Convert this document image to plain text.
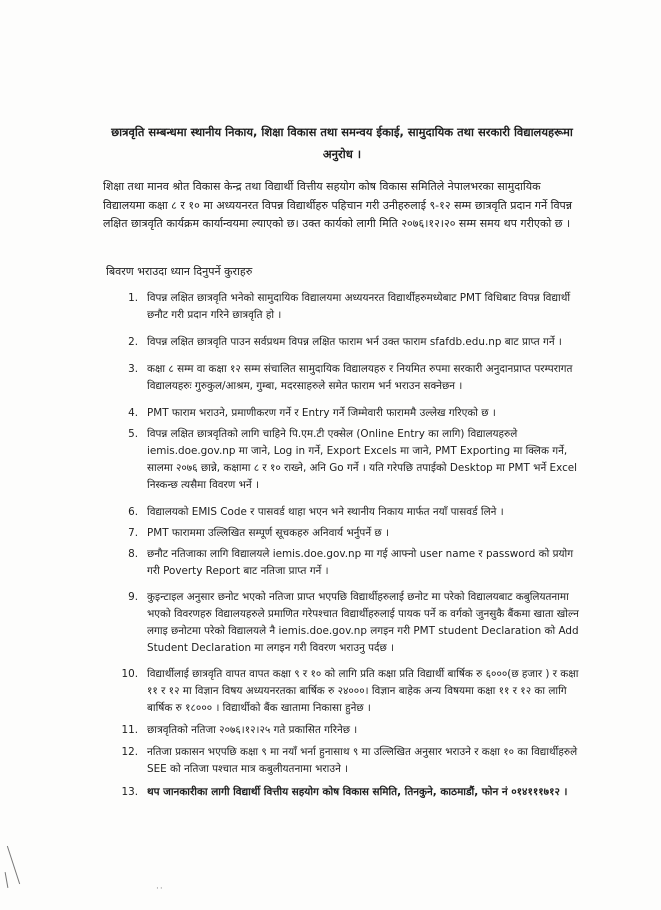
छात्रवृति सम्बन्धमा स्थानीय निकाय, शिक्षा विकास तथा समन्वय ईकाई, सामुदायिक तथा सरकारी विद्यालयहरूमा अनुरोध ।
शिक्षा तथा मानव श्रोत विकास केन्द्र तथा विद्यार्थी वित्तीय सहयोग कोष विकास समितिले नेपालभरका सामुदायिक विद्यालयमा कक्षा ८ र १० मा अध्ययनरत विपन्न विद्यार्थीहरु पहिचान गरी उनीहरुलाई ९-१२ सम्म छात्रवृति प्रदान गर्ने विपन्न लक्षित छात्रवृति कार्यक्रम कार्यान्वयमा ल्याएको छ। उक्त कार्यको लागी मिति २०७६।१२।२० सम्म समय थप गरीएको छ ।
बिवरण भराउदा ध्यान दिनुपर्ने कुराहरु
1. विपन्न लक्षित छात्रवृति भनेको सामुदायिक विद्यालयमा अध्ययनरत विद्यार्थीहरुमध्येबाट PMT विधिबाट विपन्न विद्यार्थी छनौट गरी प्रदान गरिने छात्रवृति हो ।
2. विपन्न लक्षित छात्रवृति पाउन सर्वप्रथम विपन्न लक्षित फाराम भर्न उक्त फाराम sfafdb.edu.np बाट प्राप्त गर्ने ।
3. कक्षा ८ सम्म वा कक्षा १२ सम्म संचालित सामुदायिक विद्यालयहरु र नियमित रुपमा सरकारी अनुदानप्राप्त परम्परागत विद्यालयहरुः गुरुकुल/आश्रम, गुम्बा, मदरसाहरुले समेत फाराम भर्न भराउन सक्नेछन ।
4. PMT फाराम भराउने, प्रमाणीकरण गर्ने र Entry गर्ने जिम्मेवारी फाराममै उल्लेख गरिएको छ ।
5. विपन्न लक्षित छात्रवृतिको लागि चाहिने पि.एम.टी एक्सेल (Online Entry का लागि) विद्यालयहरुले iemis.doe.gov.np मा जाने, Log in गर्ने, Export Excels मा जाने, PMT Exporting मा क्लिक गर्ने, सालमा २०७६ छान्ने, कक्षामा ८ र १० राख्ने, अनि Go गर्ने । यति गरेपछि तपाईको Desktop मा PMT भर्ने Excel निस्कन्छ त्यसैमा विवरण भर्ने ।
6. विद्यालयको EMIS Code र पासवर्ड थाहा भएन भने स्थानीय निकाय मार्फत नयाँ पासवर्ड लिने ।
7. PMT फाराममा उल्लिखित सम्पूर्ण सूचकहरु अनिवार्य भर्नुपर्ने छ ।
8. छनौट नतिजाका लागि विद्यालयले iemis.doe.gov.np मा गई आफ्नो user name र password को प्रयोग गरी Poverty Report बाट नतिजा प्राप्त गर्ने ।
9. कुइन्टाइल अनुसार छनोट भएको नतिजा प्राप्त भएपछि विद्यार्थीहरुलाई छनोट मा परेको विद्यालयबाट कबुलियतनामा भएको विवरणहरु विद्यालयहरुले प्रमाणित गरेपश्चात विद्यार्थीहरुलाई पायक पर्ने क वर्गको जुनसुकै बैंकमा खाता खोल्न लगाइ छनोटमा परेको विद्यालयले नै iemis.doe.gov.np लगइन गरी PMT student Declaration को Add Student Declaration मा लगइन गरी विवरण भराउनु पर्दछ ।
10. विद्यार्थीलाई छात्रवृति वापत वापत कक्षा ९ र १० को लागि प्रति कक्षा प्रति विद्यार्थी बार्षिक रु ६०००(छ हजार ) र कक्षा ११ र १२ मा विज्ञान विषय अध्ययनरतका बार्षिक रु २४०००। विज्ञान बाहेक अन्य विषयमा कक्षा ११ र १२ का लागि बार्षिक रु १८००० । विद्यार्थीको बैंक खातामा निकासा हुनेछ ।
11. छात्रवृतिको नतिजा २०७६।१२।२५ गते प्रकासित गरिनेछ ।
12. नतिजा प्रकासन भएपछि कक्षा ९ मा नयाँ भर्ना हुनासाथ ९ मा उल्लिखित अनुसार भराउने र कक्षा १० का विद्यार्थीहरुले SEE को नतिजा पश्चात मात्र कबुलीयतनामा भराउने ।
13. थप जानकारीका लागी विद्यार्थी वित्तीय सहयोग कोष विकास समिति, तिनकुने, काठमाडौं, फोन नं ०१४१११७१२ ।
··
